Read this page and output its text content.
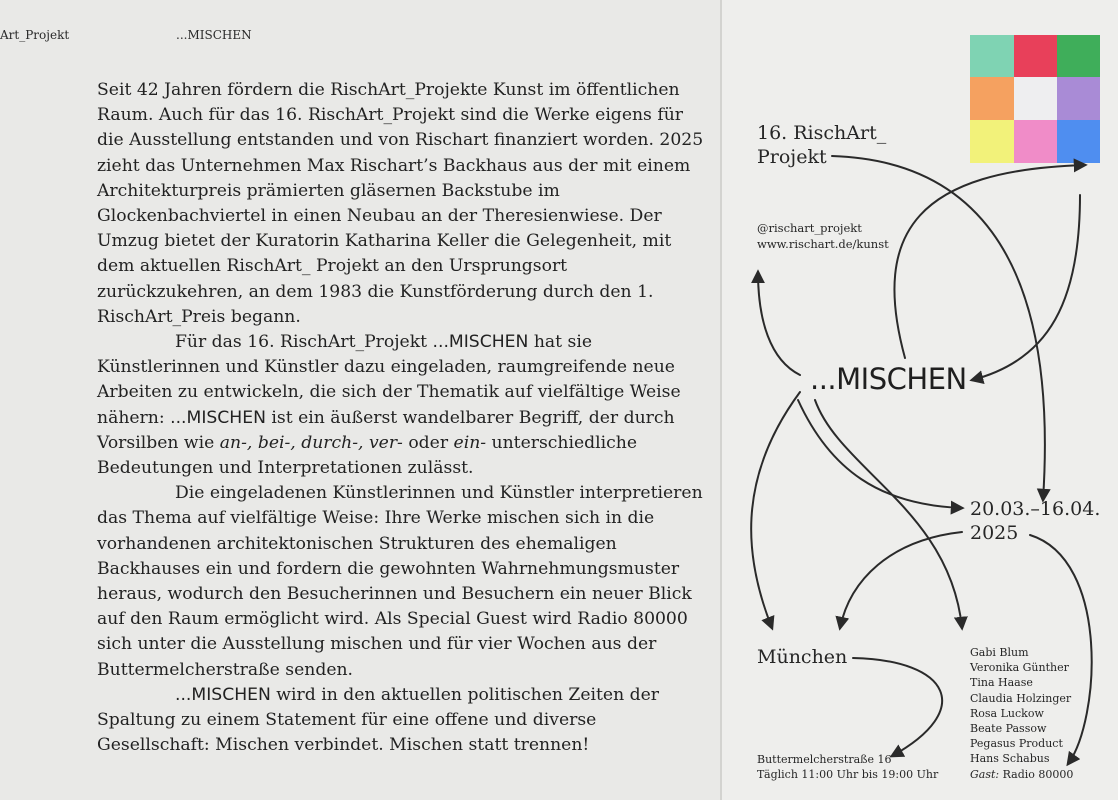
Art_Projekt	...MISCHEN

Seit 42 Jahren fördern die RischArt_Projekte Kunst im öffentlichen Raum. Auch für das 16. RischArt_Projekt sind die Werke eigens für die Ausstellung entstanden und von Rischart finanziert worden. 2025 zieht das Unternehmen Max Rischart’s Backhaus aus der mit einem Architekturpreis prämierten gläsernen Backstube im Glockenbachviertel in einen Neubau an der Theresienwiese. Der Umzug bietet der Kuratorin Katharina Keller die Gelegenheit, mit dem aktuellen RischArt_ Projekt an den Ursprungsort zurückzukehren, an dem 1983 die Kunstförderung durch den 1. RischArt_Preis begann.

Für das 16. RischArt_Projekt ...MISCHEN hat sie Künstlerinnen und Künstler dazu eingeladen, raumgreifende neue Arbeiten zu entwickeln, die sich der Thematik auf vielfältige Weise nähern: ...MISCHEN ist ein äußerst wandelbarer Begriff, der durch Vorsilben wie an-, bei-, durch-, ver- oder ein- unterschiedliche Bedeutungen und Interpretationen zulässt.

Die eingeladenen Künstlerinnen und Künstler interpretieren das Thema auf vielfältige Weise: Ihre Werke mischen sich in die vorhandenen architektonischen Strukturen des ehemaligen Backhauses ein und fordern die gewohnten Wahrnehmungsmuster heraus, wodurch den Besucherinnen und Besuchern ein neuer Blick auf den Raum ermöglicht wird. Als Special Guest wird Radio 80000 sich unter die Ausstellung mischen und für vier Wochen aus der Buttermelcherstraße senden.

...MISCHEN wird in den aktuellen politischen Zeiten der Spaltung zu einem Statement für eine offene und diverse Gesellschaft: Mischen verbindet. Mischen statt trennen!

16. RischArt_
Projekt
@rischart_projekt
www.rischart.de/kunst
...MISCHEN
20.03.–16.04.
2025
München	Gabi Blum
Veronika Günther
Tina Haase
Claudia Holzinger
Rosa Luckow
Beate Passow
Pegasus Product
Hans Schabus
Gast: Radio 80000
Buttermelcherstraße 16
Täglich 11:00 Uhr bis 19:00 Uhr
